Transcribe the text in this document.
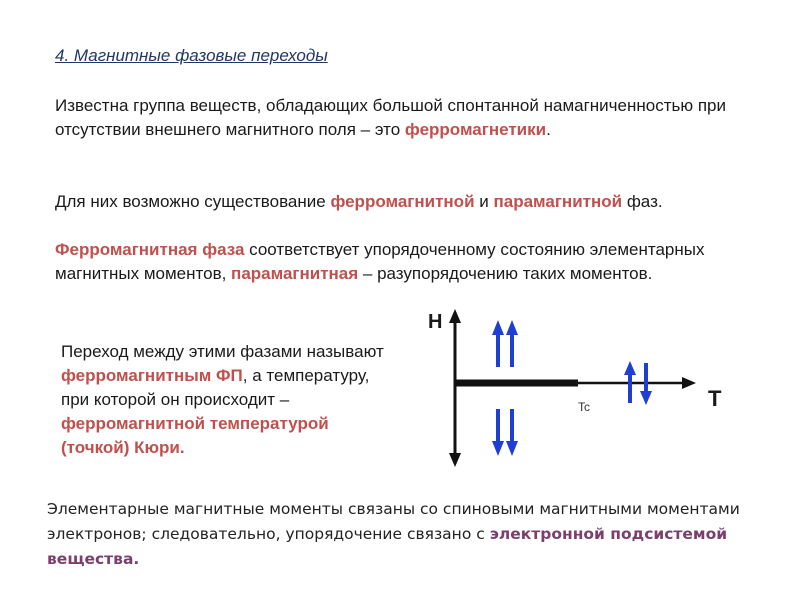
4. Магнитные фазовые переходы
Известна группа веществ, обладающих большой спонтанной намагниченностью при отсутствии внешнего магнитного поля – это ферромагнетики.
Для них возможно существование ферромагнитной и парамагнитной фаз.
Ферромагнитная фаза соответствует упорядоченному состоянию элементарных магнитных моментов, парамагнитная – разупорядочению таких моментов.
Переход между этими фазами называют ферромагнитным ФП, а температуру, при которой он происходит – ферромагнитной температурой (точкой) Кюри.
Элементарные магнитные моменты связаны со спиновыми магнитными моментами электронов; следовательно, упорядочение связано с электронной подсистемой вещества.
H
T
Tc
